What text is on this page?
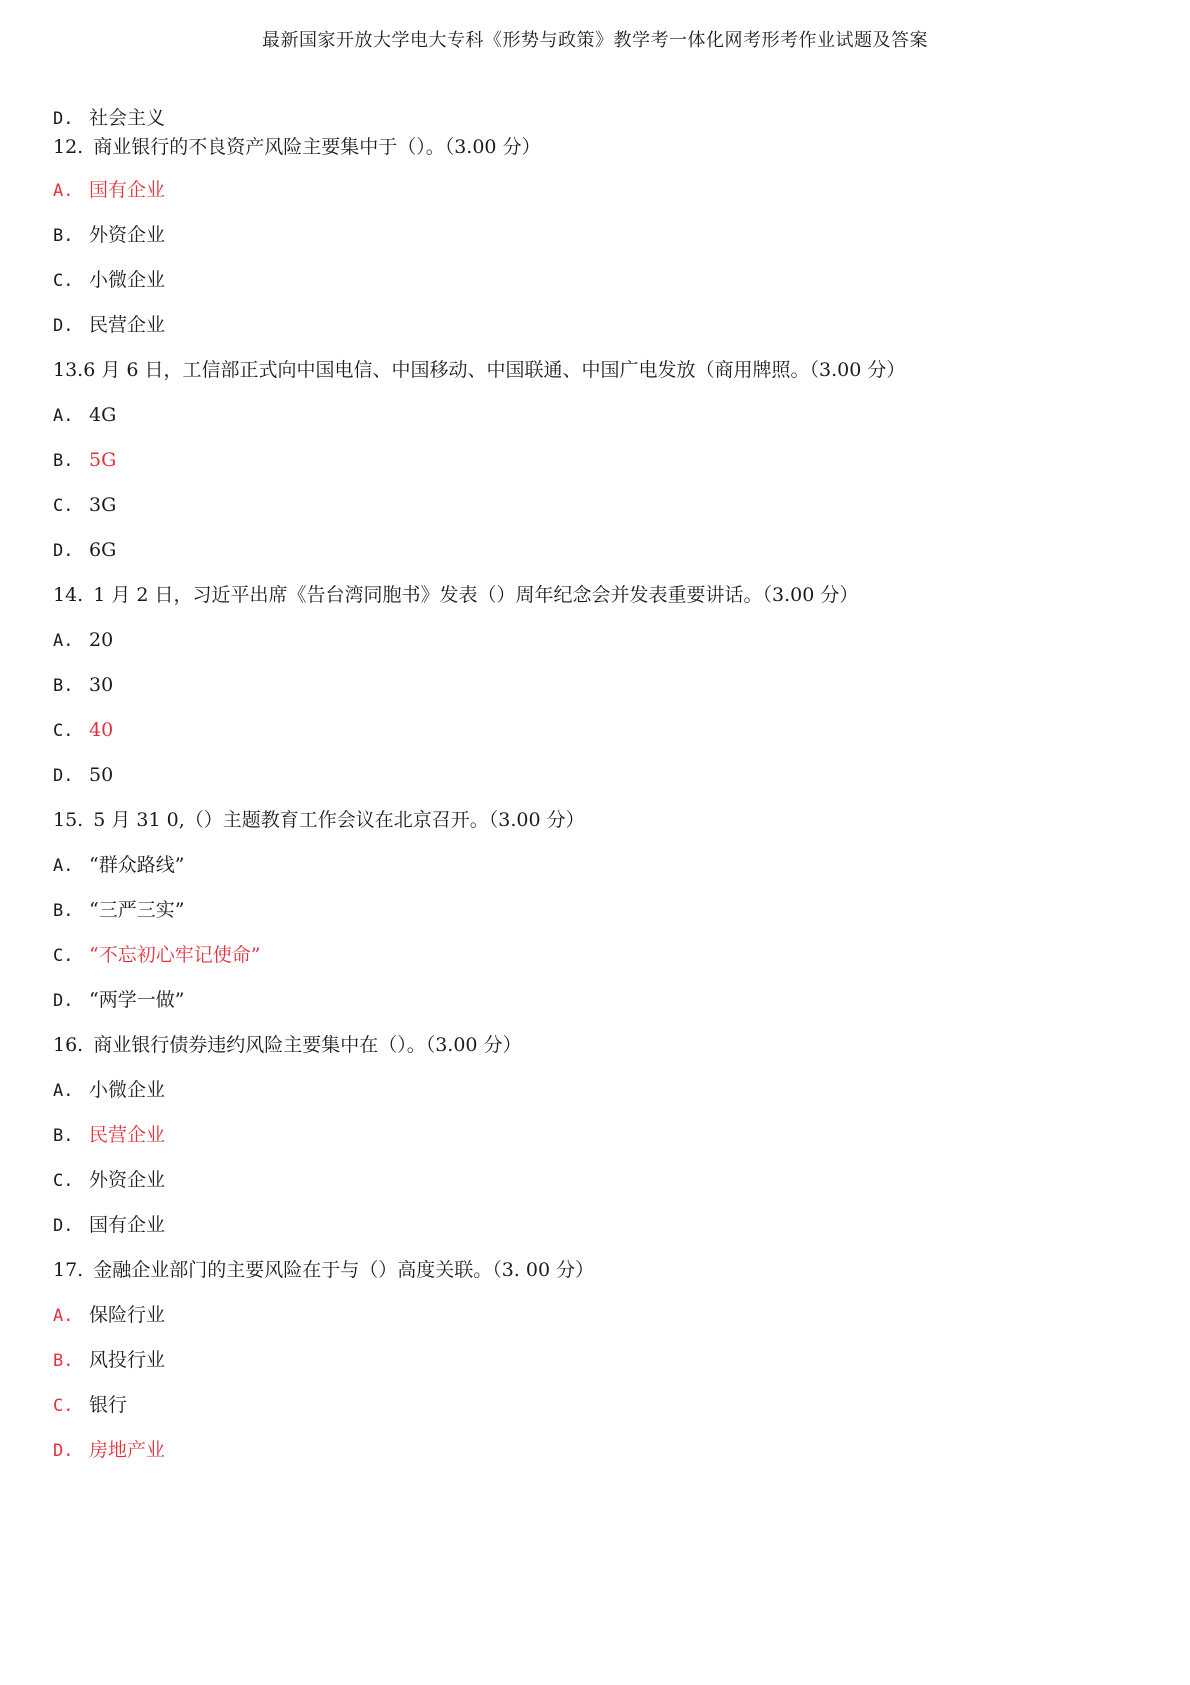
最新国家开放大学电大专科《形势与政策》教学考一体化网考形考作业试题及答案
D. 社会主义
12. 商业银行的不良资产风险主要集中于（）。（3.00 分）
A. 国有企业
B. 外资企业
C. 小微企业
D. 民营企业
13.6 月 6 日，工信部正式向中国电信、中国移动、中国联通、中国广电发放（商用牌照。（3.00 分）
A. 4G
B. 5G
C. 3G
D. 6G
14. 1 月 2 日，习近平出席《告台湾同胞书》发表（）周年纪念会并发表重要讲话。（3.00 分）
A. 20
B. 30
C. 40
D. 50
15. 5 月 31 0,（）主题教育工作会议在北京召开。（3.00 分）
A. “群众路线”
B. “三严三实”
C. “不忘初心牢记使命”
D. “两学一做”
16. 商业银行债券违约风险主要集中在（）。（3.00 分）
A. 小微企业
B. 民营企业
C. 外资企业
D. 国有企业
17. 金融企业部门的主要风险在于与（）高度关联。（3. 00 分）
A. 保险行业
B. 风投行业
C. 银行
D. 房地产业
